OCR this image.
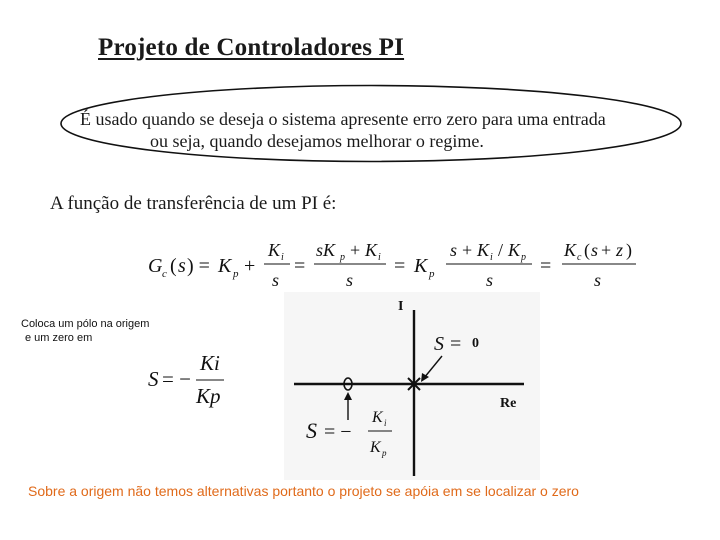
Projeto de Controladores PI
É usado quando se deseja o sistema apresente erro zero para uma entrada
ou seja, quando desejamos melhorar o regime.
A função de transferência de um PI é:
G c ( s ) = K p +
K i
s
=
sK p + K i
s
= K p
s + K i / K p
s
=
K c ( s + z )
s
Coloca um pólo na origem
e um zero em
S = −
Ki
Kp
I
Re
S = 0
S = −
K i
K p
Sobre a origem não temos alternativas portanto o projeto se apóia em se localizar o zero
